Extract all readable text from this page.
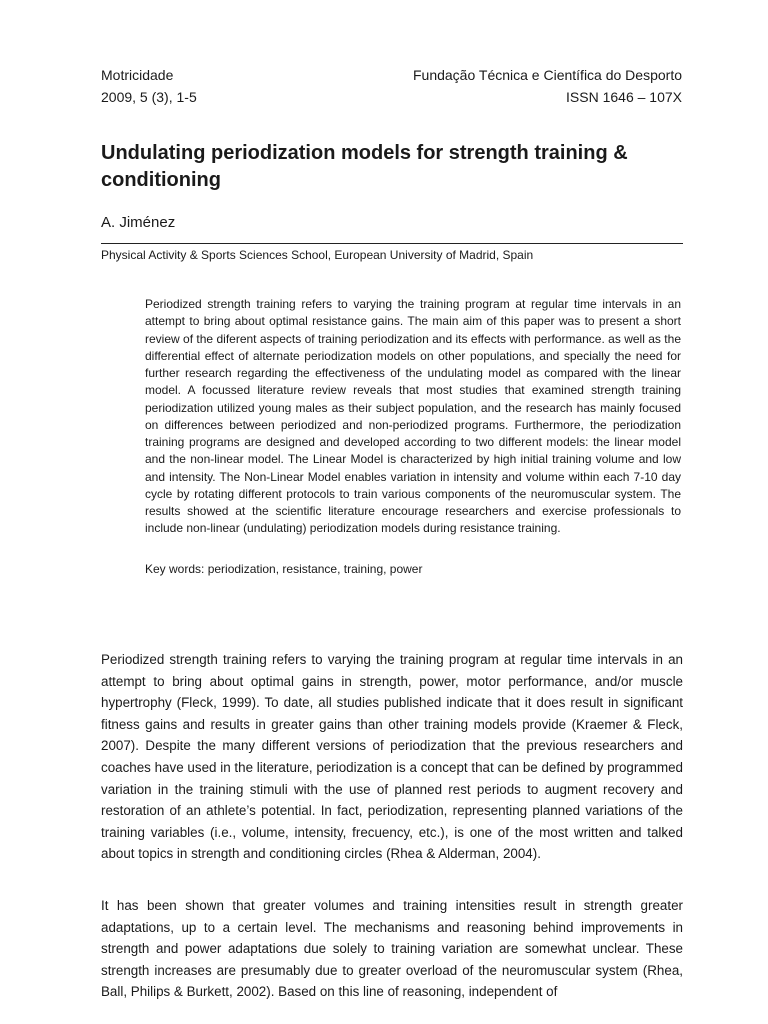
Motricidade
2009, 5 (3), 1-5
Fundação Técnica e Científica do Desporto
ISSN 1646 – 107X
Undulating periodization models for strength training & conditioning
A. Jiménez
Physical Activity & Sports Sciences School, European University of Madrid, Spain

Periodized strength training refers to varying the training program at regular time intervals in an attempt to bring about optimal resistance gains. The main aim of this paper was to present a short review of the diferent aspects of training periodization and its effects with performance. as well as the differential effect of alternate periodization models on other populations, and specially the need for further research regarding the effectiveness of the undulating model as compared with the linear model. A focussed literature review reveals that most studies that examined strength training periodization utilized young males as their subject population, and the research has mainly focused on differences between periodized and non-periodized programs. Furthermore, the periodization training programs are designed and developed according to two different models: the linear model and the non-linear model. The Linear Model is characterized by high initial training volume and low and intensity. The Non-Linear Model enables variation in intensity and volume within each 7-10 day cycle by rotating different protocols to train various components of the neuromuscular system. The results showed at the scientific literature encourage researchers and exercise professionals to include non-linear (undulating) periodization models during resistance training.

Key words: periodization, resistance, training, power

Periodized strength training refers to varying the training program at regular time intervals in an attempt to bring about optimal gains in strength, power, motor performance, and/or muscle hypertrophy (Fleck, 1999). To date, all studies published indicate that it does result in significant fitness gains and results in greater gains than other training models provide (Kraemer & Fleck, 2007). Despite the many different versions of periodization that the previous researchers and coaches have used in the literature, periodization is a concept that can be defined by programmed variation in the training stimuli with the use of planned rest periods to augment recovery and restoration of an athlete’s potential. In fact, periodization, representing planned variations of the training variables (i.e., volume, intensity, frecuency, etc.), is one of the most written and talked about topics in strength and conditioning circles (Rhea & Alderman, 2004).

It has been shown that greater volumes and training intensities result in strength greater adaptations, up to a certain level. The mechanisms and reasoning behind improvements in strength and power adaptations due solely to training variation are somewhat unclear. These strength increases are presumably due to greater overload of the neuromuscular system (Rhea, Ball, Philips & Burkett, 2002). Based on this line of reasoning, independent of
